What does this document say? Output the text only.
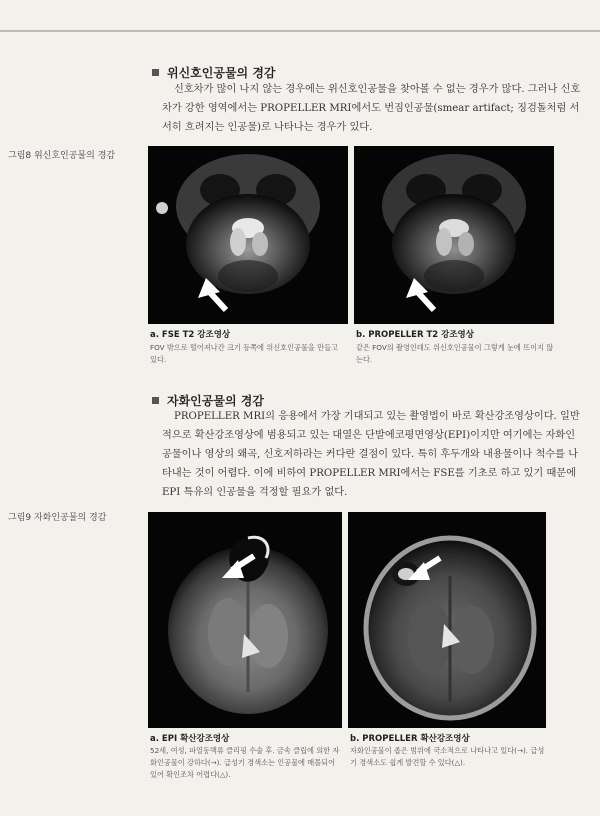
위신호인공물의 경감

신호차가 많이 나지 않는 경우에는 위신호인공물을 찾아볼 수 없는 경우가 많다. 그러나 신호차가 강한 영역에서는 PROPELLER MRI에서도 번짐인공물(smear artifact; 징검돌처럼 서서히 흐려지는 인공물)로 나타나는 경우가 있다.

그림8 위신호인공물의 경감
a. FSE T2 강조영상
FOV 밖으로 떨어져나간 크기 등쪽에 위신호인공물을 만들고 있다.
b. PROPELLER T2 강조영상
같은 FOV의 촬영인데도 위신호인공물이 그렇게 눈에 뜨이지 않는다.
자화인공물의 경감

PROPELLER MRI의 응용에서 가장 기대되고 있는 촬영법이 바로 확산강조영상이다. 일반적으로 확산강조영상에 범용되고 있는 대열은 단발에코평면영상(EPI)이지만 여기에는 자화인공물이나 영상의 왜곡, 신호저하라는 커다란 결점이 있다. 특히 후두개와 내용물이나 척수를 나타내는 것이 어렵다. 이에 비하여 PROPELLER MRI에서는 FSE를 기초로 하고 있기 때문에 EPI 특유의 인공물을 걱정할 필요가 없다.

그림9 자화인공물의 경감
a. EPI 확산강조영상
52세, 여성, 파열동맥류 클리핑 수술 후. 금속 클립에 의한 자화인공물이 강하다(→). 급성기 경색소는 인공물에 매몰되어 있어 확인조차 어렵다(△).
b. PROPELLER 확산강조영상
자화인공물이 좁은 범위에 국소적으로 나타나고 있다(→). 급성기 경색소도 쉽게 발견할 수 있다(△).
